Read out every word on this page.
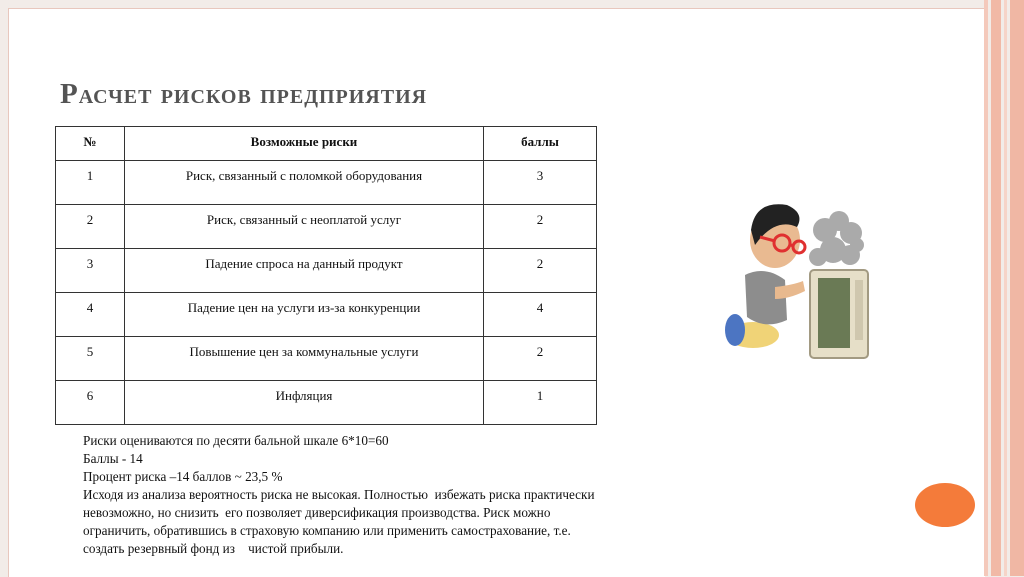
Расчет рисков предприятия
№	Возможные риски	баллы
1	Риск, связанный с поломкой оборудования	3
2	Риск, связанный с неоплатой услуг	2
3	Падение спроса на данный продукт	2
4	Падение цен на услуги из-за конкуренции	4
5	Повышение цен за коммунальные услуги	2
6	Инфляция	1

Риски оцениваются по десяти бальной шкале 6*10=60

Баллы - 14

Процент риска –14 баллов ~ 23,5 %

Исходя из анализа вероятность риска не высокая. Полностью  избежать риска практически невозможно, но снизить  его позволяет диверсификация производства. Риск можно ограничить, обратившись в страховую компанию или применить самострахование, т.е. создать резервный фонд из    чистой прибыли.
